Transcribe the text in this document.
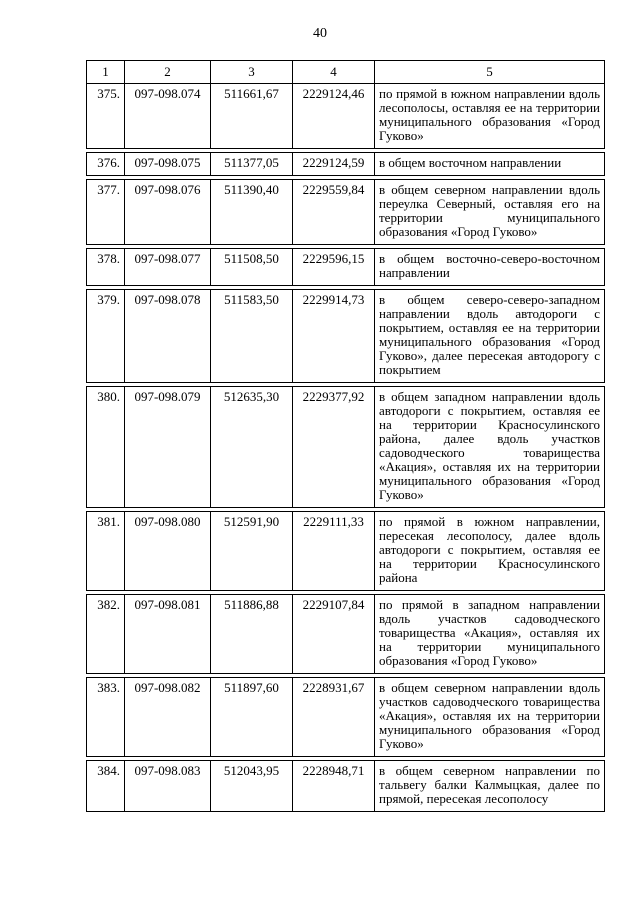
40
1	2	3	4	5
375.	097-098.074	511661,67	2229124,46	по прямой в южном направлении вдоль лесополосы, оставляя ее на территории муниципального образования «Город Гуково»

376.	097-098.075	511377,05	2229124,59	в общем восточном направлении

377.	097-098.076	511390,40	2229559,84	в общем северном направлении вдоль переулка Северный, оставляя его на территории муниципального образования «Город Гуково»

378.	097-098.077	511508,50	2229596,15	в общем восточно-северо-восточном направлении

379.	097-098.078	511583,50	2229914,73	в общем северо-северо-западном направлении вдоль автодороги с покрытием, оставляя ее на территории муниципального образования «Город Гуково», далее пересекая автодорогу с покрытием

380.	097-098.079	512635,30	2229377,92	в общем западном направлении вдоль автодороги с покрытием, оставляя ее на территории Красносулинского района, далее вдоль участков садоводческого товарищества «Акация», оставляя их на территории муниципального образования «Город Гуково»

381.	097-098.080	512591,90	2229111,33	по прямой в южном направлении, пересекая лесополосу, далее вдоль автодороги с покрытием, оставляя ее на территории Красносулинского района

382.	097-098.081	511886,88	2229107,84	по прямой в западном направлении вдоль участков садоводческого товарищества «Акация», оставляя их на территории муниципального образования «Город Гуково»

383.	097-098.082	511897,60	2228931,67	в общем северном направлении вдоль участков садоводческого товарищества «Акация», оставляя их на территории муниципального образования «Город Гуково»

384.	097-098.083	512043,95	2228948,71	в общем северном направлении по тальвегу балки Калмыцкая, далее по прямой, пересекая лесополосу
